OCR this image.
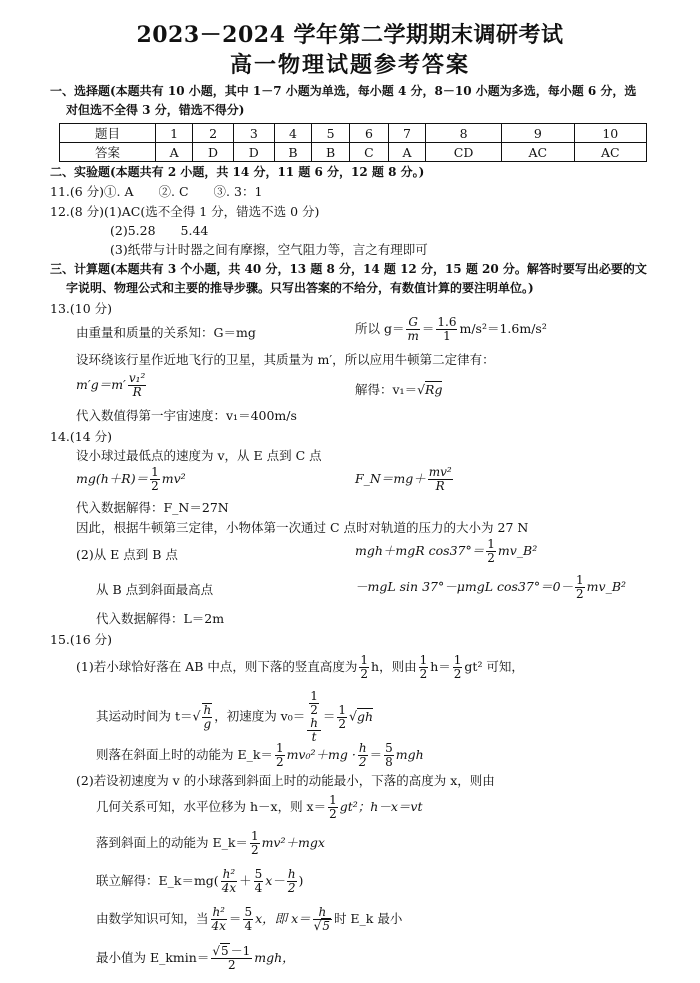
2023－2024 学年第二学期期末调研考试
高一物理试题参考答案
一、选择题(本题共有 10 小题，其中 1－7 小题为单选，每小题 4 分，8－10 小题为多选，每小题 6 分，选
对但选不全得 3 分，错选不得分)
题目	1	2	3	4	5	6	7	8	9	10
答案	A	D	D	B	B	C	A	CD	AC	AC
二、实验题(本题共有 2 小题，共 14 分，11 题 6 分，12 题 8 分。)
11.(6 分)①. A　　②. C　　③. 3：1
12.(8 分)(1)AC(选不全得 1 分，错选不选 0 分)
(2)5.28　　5.44
(3)纸带与计时器之间有摩擦，空气阻力等，言之有理即可
三、计算题(本题共有 3 个小题，共 40 分，13 题 8 分，14 题 12 分，15 题 20 分。解答时要写出必要的文
字说明、物理公式和主要的推导步骤。只写出答案的不给分，有数值计算的要注明单位。)
13.(10 分)
由重量和质量的关系知：G＝mg	所以 $g= \frac{G}{m} = \frac{1.6}{1} m/s^2=1.6m/s^2$
设环绕该行星作近地飞行的卫星，其质量为 m′，所以应用牛顿第二定律有：
$m'g=m' \frac{\text{v₁²}}{R}$	解得：v₁＝√Rg
代入数值得第一宇宙速度：v₁＝400m/s
14.(14 分)
设小球过最低点的速度为 v，从 E 点到 C 点
$mg(h+R)= \frac{1}{2} mv^2$	F_N＝mg＋ $\frac{\text{mv²}}{R}$
代入数据解得：F_N＝27N
因此，根据牛顿第三定律，小物体第一次通过 C 点时对轨道的压力的大小为 27 N
(2)从 E 点到 B 点	mgh＋mgR $\cos 37^\circ= \frac{1}{2}$ mv_B²
从 B 点到斜面最高点	－mgL sin 37°－μmgL $\cos 37^\circ=0- \frac{1}{2}$ mv_B²
代入数据解得：L＝2m
15.(16 分)
(1)若小球恰好落在 AB 中点，则下落的竖直高度为 $\frac{1}{2}$ h，则由 $\frac{1}{2} h= \frac{1}{2} gt^2$ 可知，
其运动时间为 $t=√ \frac{h}{g}$ ，初速度为 v₀＝ 1
2
h
$t = \frac{1}{2} √gh$
则落在斜面上时的动能为 E_k＝ $\frac{1}{2} mv_0^2+mg \cdot \frac{h}{2} = \frac{5}{8}$ mgh
(2)若设初速度为 v 的小球落到斜面上时的动能最小，下落的高度为 x，则由
几何关系可知，水平位移为 h－x，则 $x= \frac{1}{2} gt^2$；h－x＝vt
落到斜面上的动能为 E_k＝ $\frac{1}{2} mv^2+mgx$
联立解得：E_k＝mg( $\frac{\text{h²}}{4x} + \frac{5}{4} x- \frac{h}{2}$ )
由数学知识可知，当 $\frac{\text{h²}}{4x} = \frac{5}{4}$ x，即 $x= \frac{h}{√5}$ 时 E_k 最小
最小值为 E_kmin＝ $\frac{√5 -1}{2}$ mgh，
